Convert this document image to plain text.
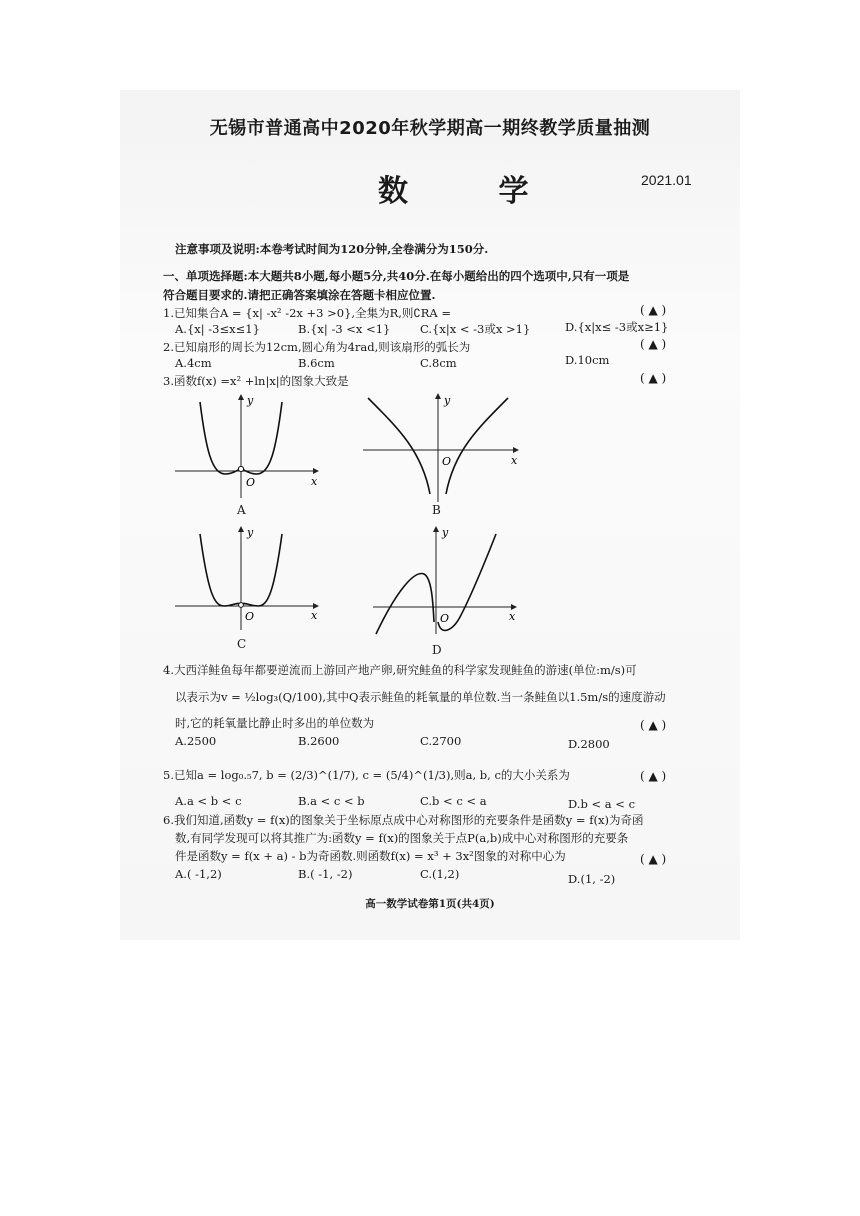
无锡市普通高中2020年秋学期高一期终教学质量抽测
数 学	2021.01
注意事项及说明:本卷考试时间为120分钟,全卷满分为150分.
一、单项选择题:本大题共8小题,每小题5分,共40分.在每小题给出的四个选项中,只有一项是
符合题目要求的.请把正确答案填涂在答题卡相应位置.
1.已知集合A = {x| -x² -2x +3 >0},全集为R,则∁RA =	( ▲ )
A.{x| -3≤x≤1}	B.{x| -3 <x <1}	C.{x|x < -3或x >1}	D.{x|x≤ -3或x≥1}
2.已知扇形的周长为12cm,圆心角为4rad,则该扇形的弧长为	( ▲ )
A.4cm	B.6cm	C.8cm	D.10cm
3.函数f(x) =x² +ln|x|的图象大致是	( ▲ )
O	x
y
A
O	x
y
B
O	x
y
C
O	x
y
D
4.大西洋鲑鱼每年都要逆流而上游回产地产卵,研究鲑鱼的科学家发现鲑鱼的游速(单位:m/s)可
以表示为v = ½log₃(Q/100),其中Q表示鲑鱼的耗氧量的单位数.当一条鲑鱼以1.5m/s的速度游动
时,它的耗氧量比静止时多出的单位数为	( ▲ )
A.2500	B.2600	C.2700	D.2800
5.已知a = log₀.₅7, b = (2/3)^(1/7), c = (5/4)^(1/3),则a, b, c的大小关系为	( ▲ )
A.a < b < c	B.a < c < b	C.b < c < a	D.b < a < c
6.我们知道,函数y = f(x)的图象关于坐标原点成中心对称图形的充要条件是函数y = f(x)为奇函
数,有同学发现可以将其推广为:函数y = f(x)的图象关于点P(a,b)成中心对称图形的充要条
件是函数y = f(x + a) - b为奇函数.则函数f(x) = x³ + 3x²图象的对称中心为	( ▲ )
A.( -1,2)	B.( -1, -2)	C.(1,2)	D.(1, -2)
高一数学试卷第1页(共4页)
